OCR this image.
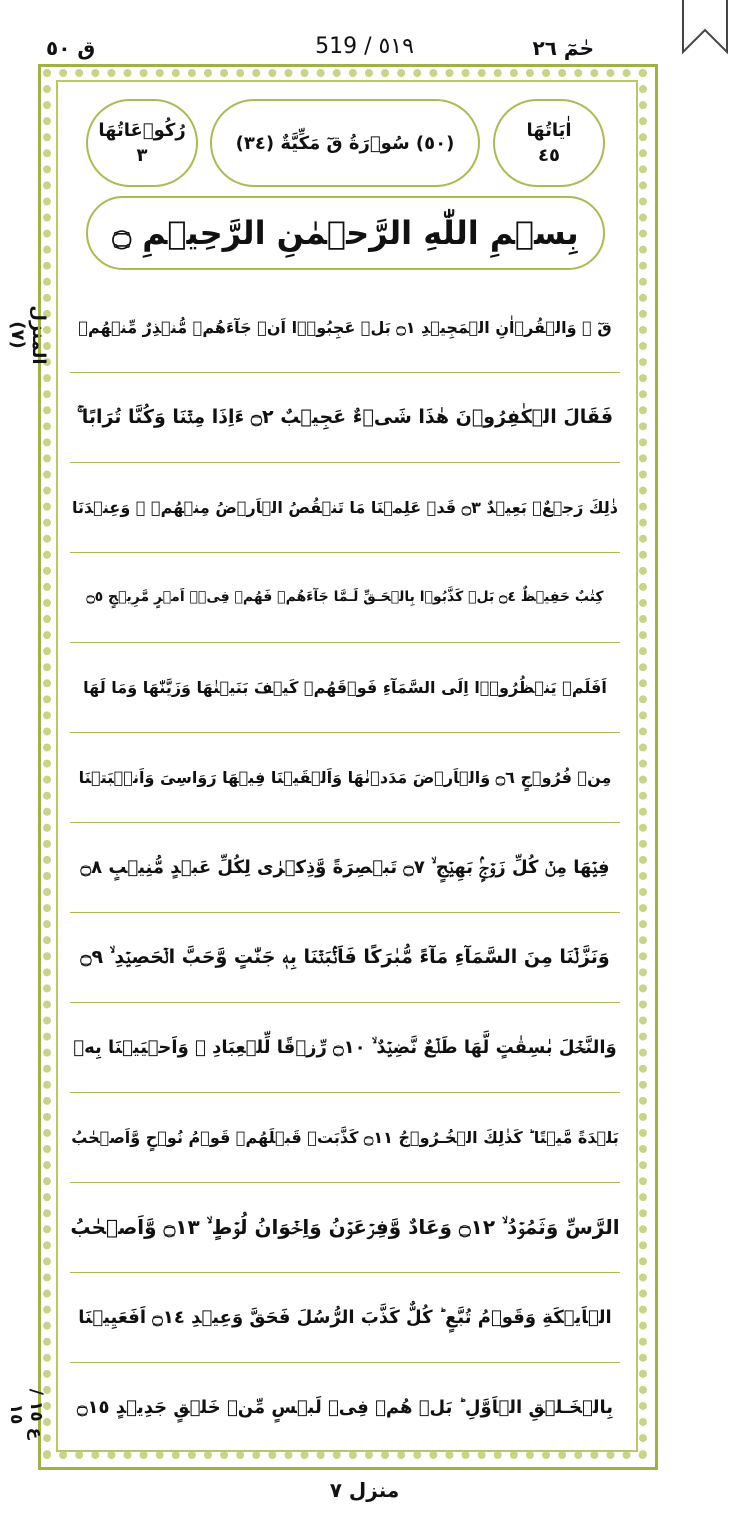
ق ٥٠	519 / ٥١٩	حٰمٓ ٢٦
رُكُوۡعَاتُهَا
٣
(٥٠) سُوۡرَةُ قٓ مَكِّيَّةٌ (٣٤)
اٰيَاتُهَا
٤٥
بِسۡمِ اللّٰهِ الرَّحۡمٰنِ الرَّحِيۡمِ ۝
المنزل (٧)
ع ١٥ / ١٥
قٓ ۚ وَالۡقُرۡاٰنِ الۡمَجِيۡدِ ۝١ بَلۡ عَجِبُوۡۤا اَنۡ جَآءَهُمۡ مُّنۡذِرٌ مِّنۡهُمۡ
فَقَالَ الۡكٰفِرُوۡنَ هٰذَا شَىۡءٌ عَجِيۡبٌ ۝٢ ءَاِذَا مِتۡنَا وَكُنَّا تُرَابًا ۚ
ذٰلِكَ رَجۡعٌۢ بَعِيۡدٌ ۝٣ قَدۡ عَلِمۡنَا مَا تَنۡقُصُ الۡاَرۡضُ مِنۡهُمۡ ۚ وَعِنۡدَنَا
كِتٰبٌ حَفِيۡظٌ ۝٤ بَلۡ كَذَّبُوۡا بِالۡحَـقِّ لَـمَّا جَآءَهُمۡ فَهُمۡ فِىۡۤ اَمۡرٍ مَّرِيۡجٍ ۝٥
اَفَلَمۡ يَنۡظُرُوۡۤا اِلَى السَّمَآءِ فَوۡقَهُمۡ كَيۡفَ بَنَيۡنٰهَا وَزَيَّنّٰهَا وَمَا لَهَا
مِنۡ فُرُوۡجٍ ۝٦ وَالۡاَرۡضَ مَدَدۡنٰهَا وَاَلۡقَيۡنَا فِيۡهَا رَوَاسِىَ وَاَنۡۢبَتۡنَا
فِيۡهَا مِنۡ كُلِّ زَوۡجٍۢ بَهِيۡجٍ ۙ ۝٧ تَبۡصِرَةً وَّذِكۡرٰى لِكُلِّ عَبۡدٍ مُّنِيۡبٍ ۝٨
وَنَزَّلۡنَا مِنَ السَّمَآءِ مَآءً مُّبٰرَكًا فَاَنۡۢبَتۡنَا بِهٖ جَنّٰتٍ وَّحَبَّ الۡحَصِيۡدِ ۙ ۝٩
وَالنَّخۡلَ بٰسِقٰتٍ لَّهَا طَلۡعٌ نَّضِيۡدٌ ۙ ۝١٠ رِّزۡقًا لِّلۡعِبَادِ ۙ وَاَحۡيَيۡنَا بِهٖ
بَلۡدَةً مَّيۡتًا ؕ كَذٰلِكَ الۡخُـرُوۡجُ ۝١١ كَذَّبَتۡ قَبۡلَهُمۡ قَوۡمُ نُوۡحٍ وَّاَصۡحٰبُ
الرَّسِّ وَثَمُوۡدُ ۙ ۝١٢ وَعَادٌ وَّفِرۡعَوۡنُ وَاِخۡوَانُ لُوۡطٍ ۙ ۝١٣ وَّاَصۡحٰبُ
الۡاَيۡكَةِ وَقَوۡمُ تُبَّعٍ ؕ كُلٌّ كَذَّبَ الرُّسُلَ فَحَقَّ وَعِيۡدِ ۝١٤ اَفَعَيِيۡنَا
بِالۡخَـلۡقِ الۡاَوَّلِ ؕ بَلۡ هُمۡ فِىۡ لَبۡسٍ مِّنۡ خَلۡقٍ جَدِيۡدٍ ۝١٥
منزل ٧
